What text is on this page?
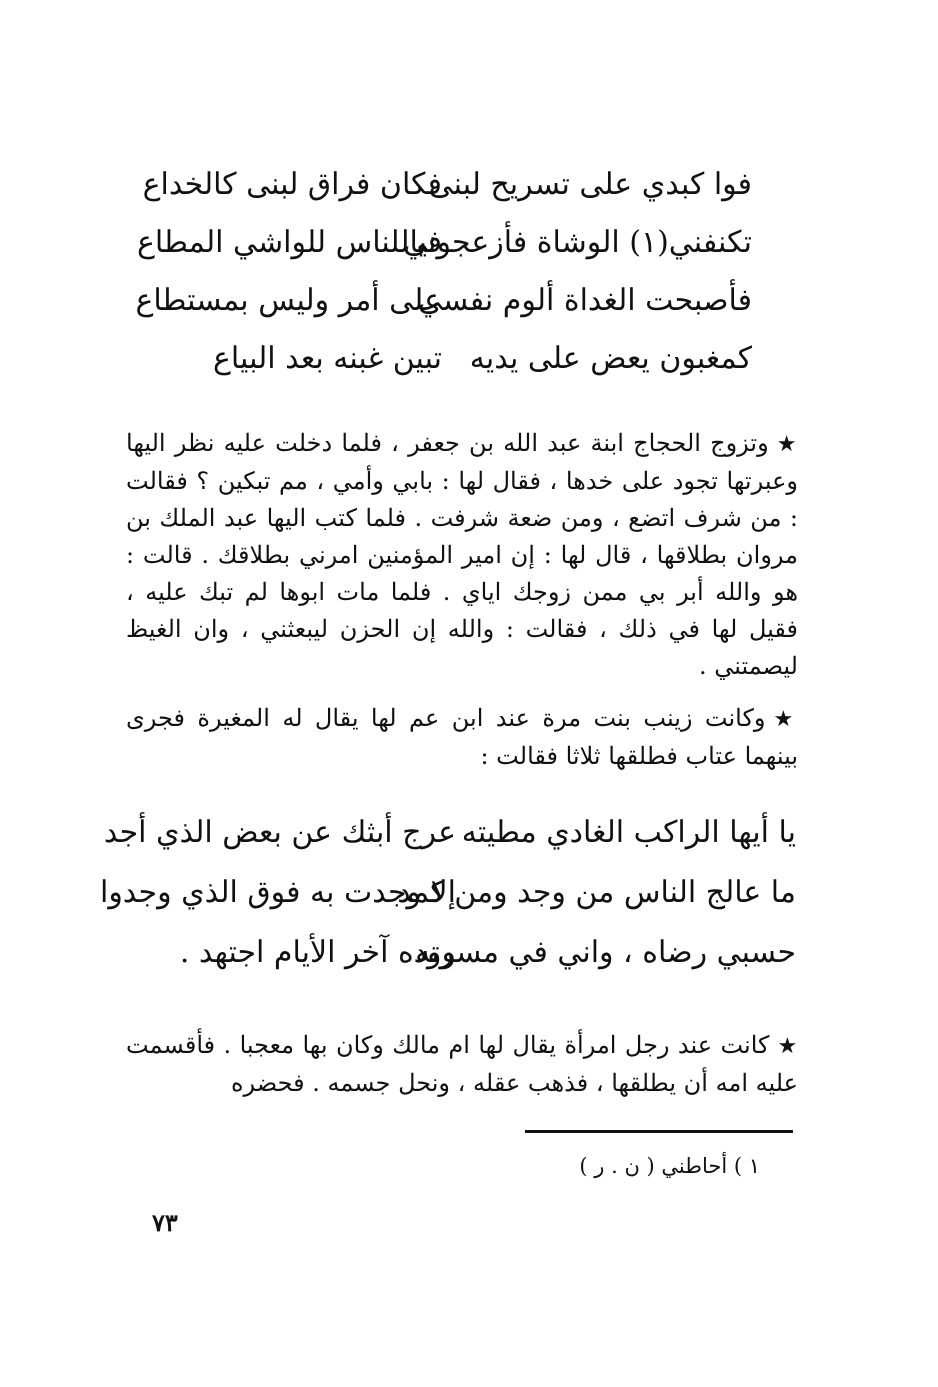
فوا كبدي على تسريح لبنى
فكان فراق لبنى كالخداع
تكنفني(١) الوشاة فأزعجوني
فياللناس للواشي المطاع
فأصبحت الغداة ألوم نفسي
على أمر وليس بمستطاع
كمغبون يعض على يديه
تبين غبنه بعد البياع
★وتزوج الحجاج ابنة عبد الله بن جعفر ، فلما دخلت عليه نظر اليها وعبرتها تجود على خدها ، فقال لها : بابي وأمي ، مم تبكين ؟ فقالت : من شرف اتضع ، ومن ضعة شرفت . فلما كتب اليها عبد الملك بن مروان بطلاقها ، قال لها : إن امير المؤمنين امرني بطلاقك . قالت : هو والله أبر بي ممن زوجك اياي . فلما مات ابوها لم تبك عليه ، فقيل لها في ذلك ، فقالت : والله إن الحزن ليبعثني ، وان الغيظ ليصمتني .
★وكانت زينب بنت مرة عند ابن عم لها يقال له المغيرة فجرى بينهما عتاب فطلقها ثلاثا فقالت :
يا أيها الراكب الغادي مطيته
عرج أبثك عن بعض الذي أجد
ما عالج الناس من وجد ومن كمد
إلا وجدت به فوق الذي وجدوا
حسبي رضاه ، واني في مسرته
ووده آخر الأيام اجتهد .
★كانت عند رجل امرأة يقال لها ام مالك وكان بها معجبا . فأقسمت عليه امه أن يطلقها ، فذهب عقله ، ونحل جسمه . فحضره
١ ) أحاطني ( ن . ر )
٧٣
